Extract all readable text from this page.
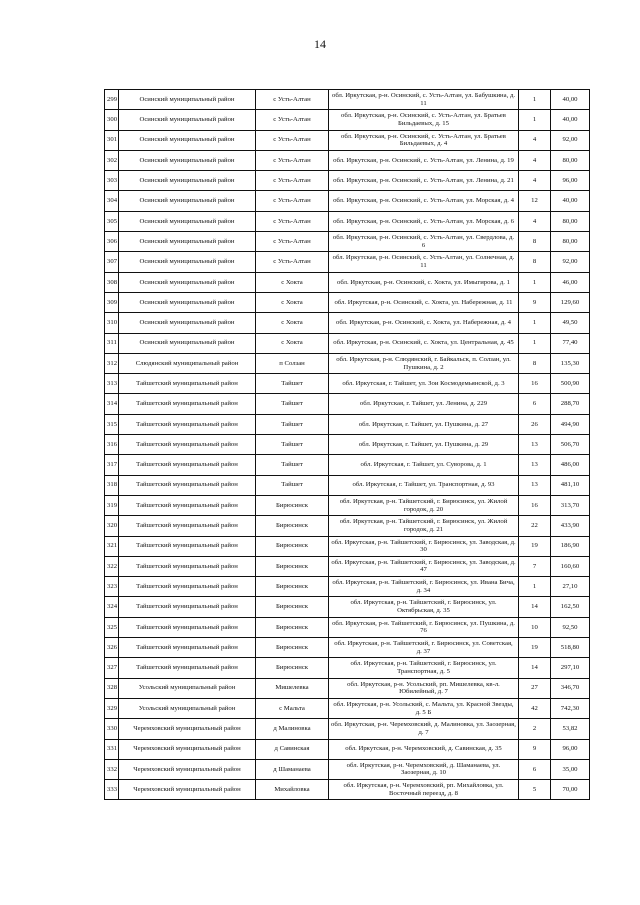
14
299	Осинский муниципальный район	с Усть-Алтан	обл. Иркутская, р-н. Осинский, с. Усть-Алтан, ул. Бабушкина, д. 11	1	40,00
300	Осинский муниципальный район	с Усть-Алтан	обл. Иркутская, р-н. Осинский, с. Усть-Алтан, ул. Братьев Бильдаевых, д. 15	1	40,00
301	Осинский муниципальный район	с Усть-Алтан	обл. Иркутская, р-н. Осинский, с. Усть-Алтан, ул. Братьев Бильдаевых, д. 4	4	92,00
302	Осинский муниципальный район	с Усть-Алтан	обл. Иркутская, р-н. Осинский, с. Усть-Алтан, ул. Ленина, д. 19	4	80,00
303	Осинский муниципальный район	с Усть-Алтан	обл. Иркутская, р-н. Осинский, с. Усть-Алтан, ул. Ленина, д. 21	4	96,00
304	Осинский муниципальный район	с Усть-Алтан	обл. Иркутская, р-н. Осинский, с. Усть-Алтан, ул. Морская, д. 4	12	40,00
305	Осинский муниципальный район	с Усть-Алтан	обл. Иркутская, р-н. Осинский, с. Усть-Алтан, ул. Морская, д. 6	4	80,00
306	Осинский муниципальный район	с Усть-Алтан	обл. Иркутская, р-н. Осинский, с. Усть-Алтан, ул. Свердлова, д. 6	8	80,00
307	Осинский муниципальный район	с Усть-Алтан	обл. Иркутская, р-н. Осинский, с. Усть-Алтан, ул. Солнечная, д. 11	8	92,00
308	Осинский муниципальный район	с Хокта	обл. Иркутская, р-н. Осинский, с. Хокта, ул. Имыгирова, д. 1	1	46,00
309	Осинский муниципальный район	с Хокта	обл. Иркутская, р-н. Осинский, с. Хокта, ул. Набережная, д. 11	9	129,60
310	Осинский муниципальный район	с Хокта	обл. Иркутская, р-н. Осинский, с. Хокта, ул. Набережная, д. 4	1	49,50
311	Осинский муниципальный район	с Хокта	обл. Иркутская, р-н. Осинский, с. Хокта, ул. Центральная, д. 45	1	77,40
312	Слюдянский муниципальный район	п Солзан	обл. Иркутская, р-н. Слюдянский, г. Байкальск, п. Солзан, ул. Пушкина, д. 2	8	135,30
313	Тайшетский муниципальный район	Тайшет	обл. Иркутская, г. Тайшет, ул. Зои Космодемьянской, д. 3	16	500,90
314	Тайшетский муниципальный район	Тайшет	обл. Иркутская, г. Тайшет, ул. Ленина, д. 229	6	288,70
315	Тайшетский муниципальный район	Тайшет	обл. Иркутская, г. Тайшет, ул. Пушкина, д. 27	26	494,90
316	Тайшетский муниципальный район	Тайшет	обл. Иркутская, г. Тайшет, ул. Пушкина, д. 29	13	506,70
317	Тайшетский муниципальный район	Тайшет	обл. Иркутская, г. Тайшет, ул. Суворова, д. 1	13	486,00
318	Тайшетский муниципальный район	Тайшет	обл. Иркутская, г. Тайшет, ул. Транспортная, д. 93	13	481,10
319	Тайшетский муниципальный район	Бирюсинск	обл. Иркутская, р-н. Тайшетский, г. Бирюсинск, ул. Жилой городок, д. 20	16	313,70
320	Тайшетский муниципальный район	Бирюсинск	обл. Иркутская, р-н. Тайшетский, г. Бирюсинск, ул. Жилой городок, д. 21	22	433,90
321	Тайшетский муниципальный район	Бирюсинск	обл. Иркутская, р-н. Тайшетский, г. Бирюсинск, ул. Заводская, д. 30	19	186,90
322	Тайшетский муниципальный район	Бирюсинск	обл. Иркутская, р-н. Тайшетский, г. Бирюсинск, ул. Заводская, д. 47	7	160,60
323	Тайшетский муниципальный район	Бирюсинск	обл. Иркутская, р-н. Тайшетский, г. Бирюсинск, ул. Ивана Бича, д. 34	1	27,10
324	Тайшетский муниципальный район	Бирюсинск	обл. Иркутская, р-н. Тайшетский, г. Бирюсинск, ул. Октябрьская, д. 35	14	162,50
325	Тайшетский муниципальный район	Бирюсинск	обл. Иркутская, р-н. Тайшетский, г. Бирюсинск, ул. Пушкина, д. 76	10	92,50
326	Тайшетский муниципальный район	Бирюсинск	обл. Иркутская, р-н. Тайшетский, г. Бирюсинск, ул. Советская, д. 37	19	518,80
327	Тайшетский муниципальный район	Бирюсинск	обл. Иркутская, р-н. Тайшетский, г. Бирюсинск, ул. Транспортная, д. 5	14	297,10
328	Усольский муниципальный район	Мишелевка	обл. Иркутская, р-н. Усольский, рп. Мишелевка, кв-л. Юбилейный, д. 7	27	346,70
329	Усольский муниципальный район	с Мальта	обл. Иркутская, р-н. Усольский, с. Мальта, ул. Красной Звезды, д. 5 Б	42	742,30
330	Черемховский муниципальный район	д Малиновка	обл. Иркутская, р-н. Черемховский, д. Малиновка, ул. Заозерная, д. 7	2	53,82
331	Черемховский муниципальный район	д Савинская	обл. Иркутская, р-н. Черемховский, д. Савинская, д. 35	9	96,00
332	Черемховский муниципальный район	д Шаманаева	обл. Иркутская, р-н. Черемховский, д. Шаманаева, ул. Заозерная, д. 10	6	35,00
333	Черемховский муниципальный район	Михайловка	обл. Иркутская, р-н. Черемховский, рп. Михайловка, ул. Восточный переезд, д. 8	5	70,00
